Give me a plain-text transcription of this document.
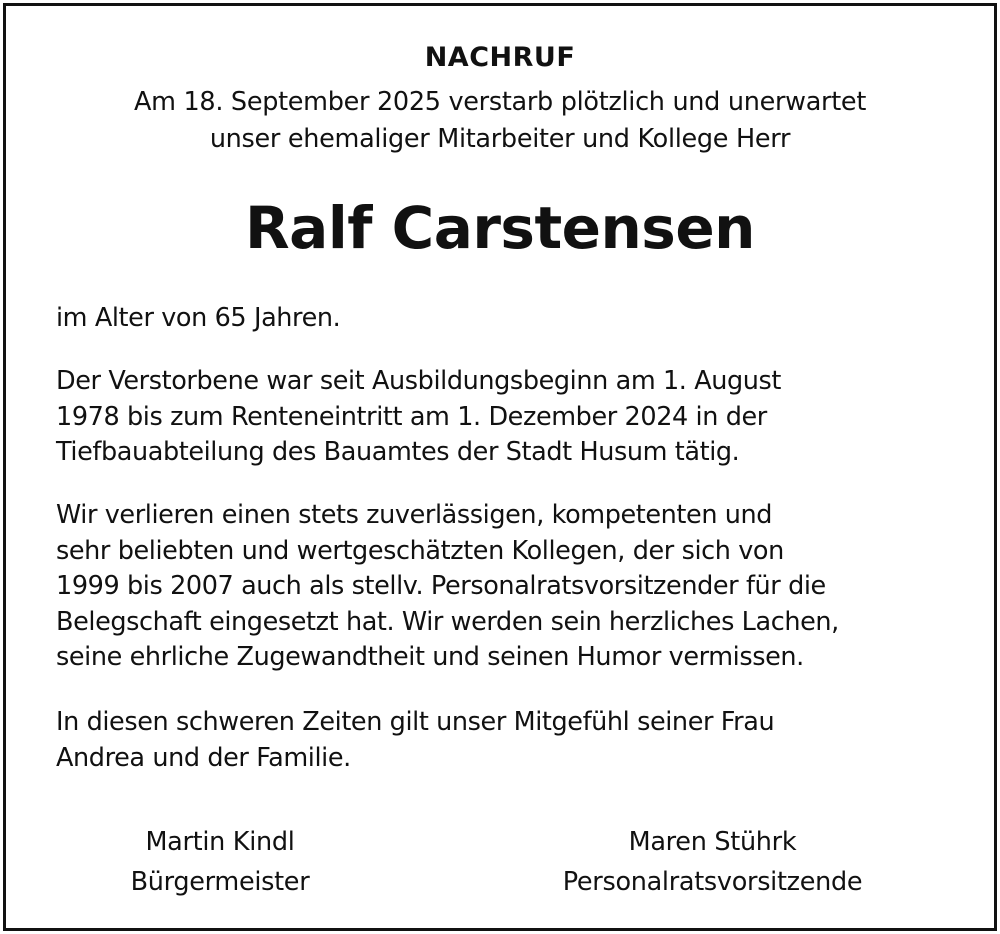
NACHRUF
Am 18. September 2025 verstarb plötzlich und unerwartet
unser ehemaliger Mitarbeiter und Kollege Herr
Ralf Carstensen
im Alter von 65 Jahren.
Der Verstorbene war seit Ausbildungsbeginn am 1. August
1978 bis zum Renteneintritt am 1. Dezember 2024 in der
Tiefbauabteilung des Bauamtes der Stadt Husum tätig.
Wir verlieren einen stets zuverlässigen, kompetenten und
sehr beliebten und wertgeschätzten Kollegen, der sich von
1999 bis 2007 auch als stellv. Personalratsvorsitzender für die
Belegschaft eingesetzt hat. Wir werden sein herzliches Lachen,
seine ehrliche Zugewandtheit und seinen Humor vermissen.
In diesen schweren Zeiten gilt unser Mitgefühl seiner Frau
Andrea und der Familie.
Martin Kindl
Bürgermeister
Maren Stührk
Personalratsvorsitzende
